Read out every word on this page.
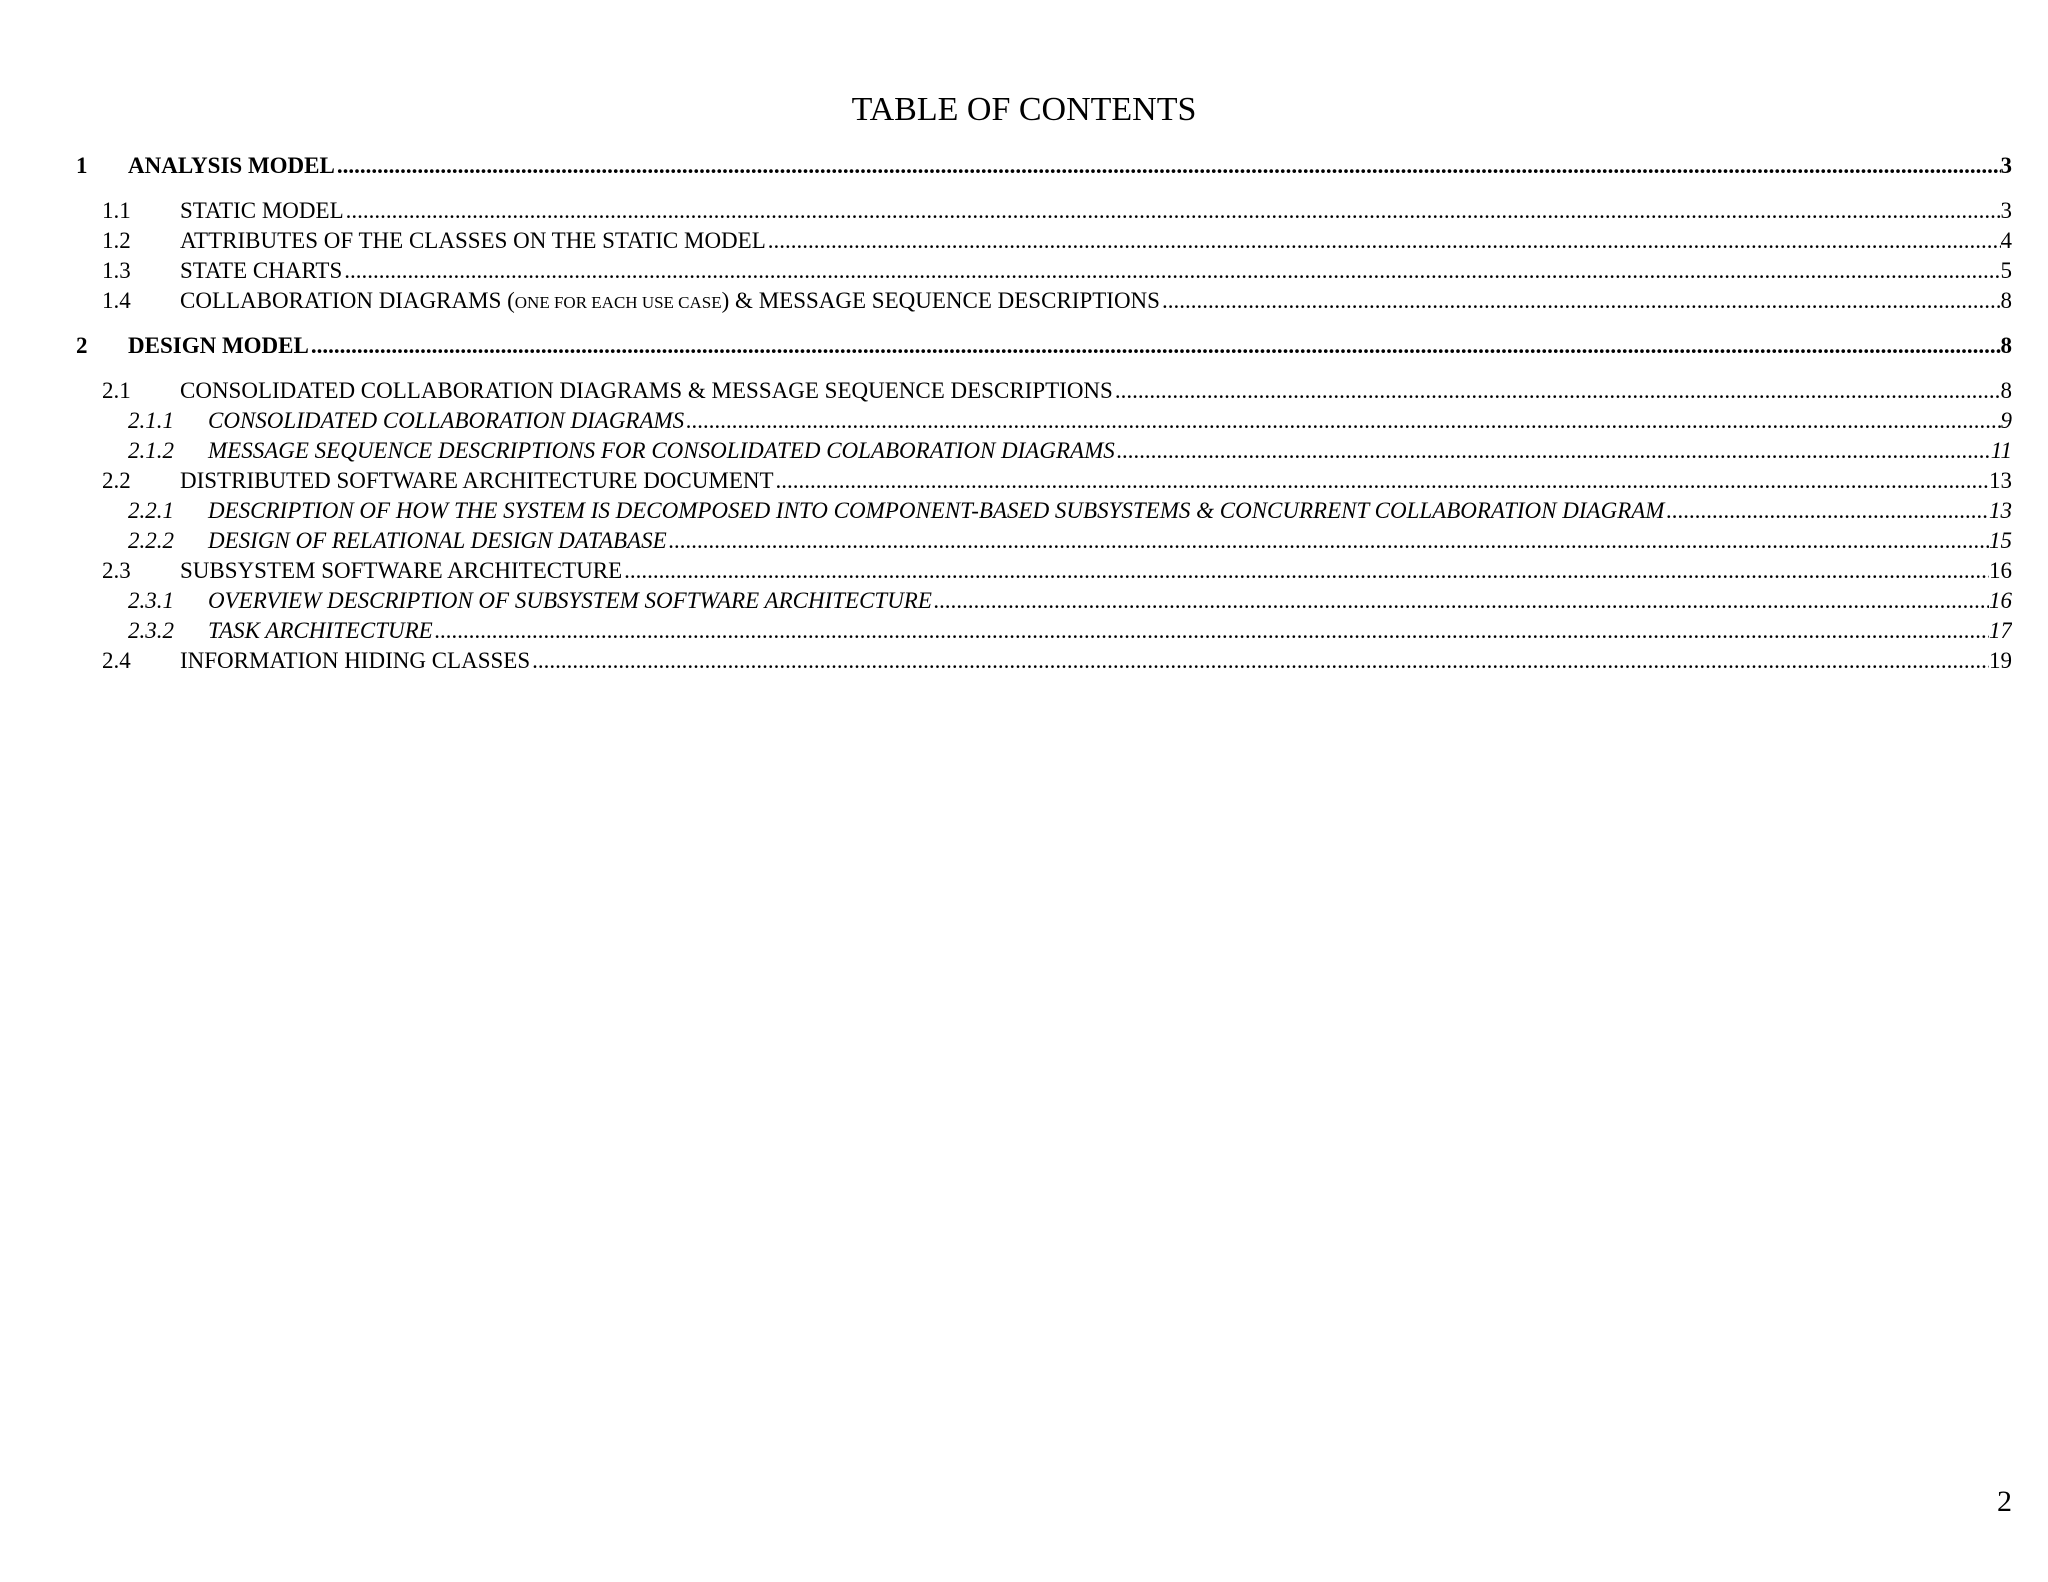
TABLE OF CONTENTS
1	ANALYSIS MODEL .....	3
1.1	STATIC MODEL .....	3
1.2	ATTRIBUTES OF THE CLASSES ON THE STATIC MODEL .....	4
1.3	STATE CHARTS .....	5
1.4	COLLABORATION DIAGRAMS (ONE FOR EACH USE CASE) & MESSAGE SEQUENCE DESCRIPTIONS .....	8
2	DESIGN MODEL .....	8
2.1	CONSOLIDATED COLLABORATION DIAGRAMS & MESSAGE SEQUENCE DESCRIPTIONS .....	8
2.1.1	CONSOLIDATED COLLABORATION DIAGRAMS .....	9
2.1.2	MESSAGE SEQUENCE DESCRIPTIONS FOR CONSOLIDATED COLABORATION DIAGRAMS .....	11
2.2	DISTRIBUTED SOFTWARE ARCHITECTURE DOCUMENT .....	13
2.2.1	DESCRIPTION OF HOW THE SYSTEM IS DECOMPOSED INTO COMPONENT-BASED SUBSYSTEMS & CONCURRENT COLLABORATION DIAGRAM .....	13
2.2.2	DESIGN OF RELATIONAL DESIGN DATABASE .....	15
2.3	SUBSYSTEM SOFTWARE ARCHITECTURE .....	16
2.3.1	OVERVIEW DESCRIPTION OF SUBSYSTEM SOFTWARE ARCHITECTURE .....	16
2.3.2	TASK ARCHITECTURE .....	17
2.4	INFORMATION HIDING CLASSES .....	19
2
